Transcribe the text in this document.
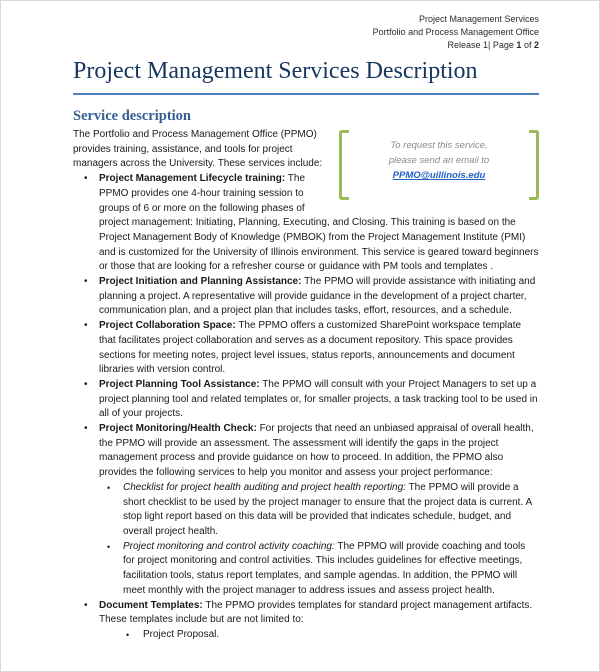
Project Management Services
Portfolio and Process Management Office
Release 1| Page 1 of 2
Project Management Services Description
Service description
To request this service,
please send an email to
PPMO@uillinois.edu

The Portfolio and Process Management Office (PPMO) provides training, assistance, and tools for project managers across the University. These services include:

• Project Management Lifecycle training: The PPMO provides one 4-hour training session to groups of 6 or more on the following phases of project management: Initiating, Planning, Executing, and Closing. This training is based on the Project Management Body of Knowledge (PMBOK) from the Project Management Institute (PMI) and is customized for the University of Illinois environment. This service is geared toward beginners or those that are looking for a refresher course or guidance with PM tools and templates .
• Project Initiation and Planning Assistance: The PPMO will provide assistance with initiating and planning a project. A representative will provide guidance in the development of a project charter, communication plan, and a project plan that includes tasks, effort, resources, and a schedule.
• Project Collaboration Space: The PPMO offers a customized SharePoint workspace template that facilitates project collaboration and serves as a document repository. This space provides sections for meeting notes, project level issues, status reports, announcements and document libraries with version control.
• Project Planning Tool Assistance: The PPMO will consult with your Project Managers to set up a project planning tool and related templates or, for smaller projects, a task tracking tool to be used in all of your projects.
• Project Monitoring/Health Check: For projects that need an unbiased appraisal of overall health, the PPMO will provide an assessment. The assessment will identify the gaps in the project management process and provide guidance on how to proceed. In addition, the PPMO also provides the following services to help you monitor and assess your project performance:
• Checklist for project health auditing and project health reporting: The PPMO will provide a short checklist to be used by the project manager to ensure that the project data is current. A stop light report based on this data will be provided that indicates schedule, budget, and overall project health.
• Project monitoring and control activity coaching: The PPMO will provide coaching and tools for project monitoring and control activities. This includes guidelines for effective meetings, facilitation tools, status report templates, and sample agendas. In addition, the PPMO will meet monthly with the project manager to address issues and assess project health.
• Document Templates: The PPMO provides templates for standard project management artifacts. These templates include but are not limited to:
• Project Proposal.
